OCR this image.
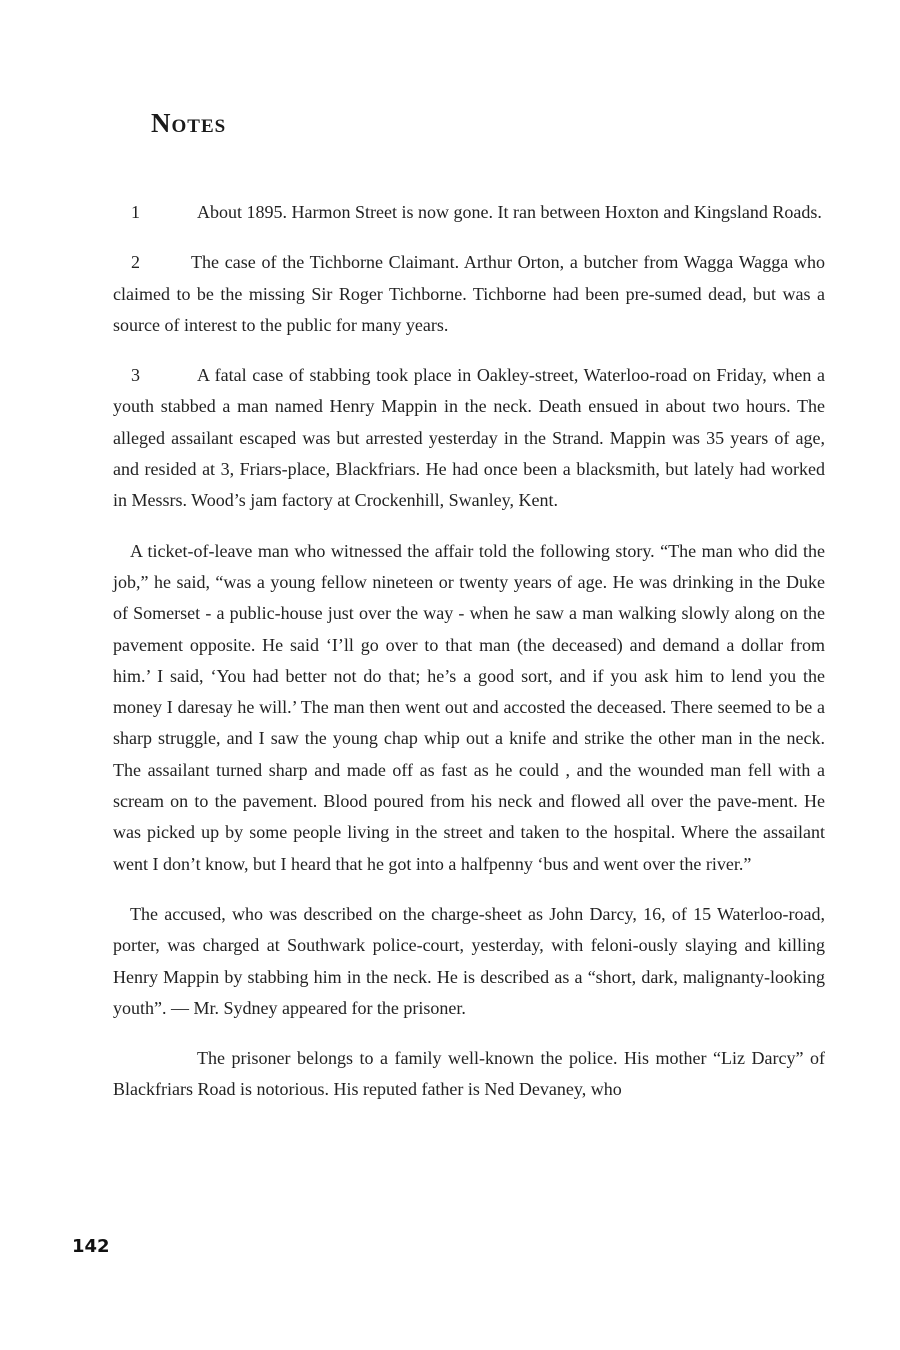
Notes

1	About 1895. Harmon Street is now gone. It ran between Hoxton and Kingsland Roads.

2	The case of the Tichborne Claimant. Arthur Orton, a butcher from Wagga Wagga who claimed to be the missing Sir Roger Tichborne. Tichborne had been pre-sumed dead, but was a source of interest to the public for many years.

3	A fatal case of stabbing took place in Oakley-street, Waterloo-road on Friday, when a youth stabbed a man named Henry Mappin in the neck. Death ensued in about two hours. The alleged assailant escaped was but arrested yesterday in the Strand. Mappin was 35 years of age, and resided at 3, Friars-place, Blackfriars. He had once been a blacksmith, but lately had worked in Messrs. Wood’s jam factory at Crockenhill, Swanley, Kent.

A ticket-of-leave man who witnessed the affair told the following story. “The man who did the job,” he said, “was a young fellow nineteen or twenty years of age. He was drinking in the Duke of Somerset - a public-house just over the way - when he saw a man walking slowly along on the pavement opposite. He said ‘I’ll go over to that man (the deceased) and demand a dollar from him.’ I said, ‘You had better not do that; he’s a good sort, and if you ask him to lend you the money I daresay he will.’ The man then went out and accosted the deceased. There seemed to be a sharp struggle, and I saw the young chap whip out a knife and strike the other man in the neck. The assailant turned sharp and made off as fast as he could , and the wounded man fell with a scream on to the pavement. Blood poured from his neck and flowed all over the pave-ment. He was picked up by some people living in the street and taken to the hospital. Where the assailant went I don’t know, but I heard that he got into a halfpenny ‘bus and went over the river.”

The accused, who was described on the charge-sheet as John Darcy, 16, of 15 Waterloo-road, porter, was charged at Southwark police-court, yesterday, with feloni-ously slaying and killing Henry Mappin by stabbing him in the neck. He is described as a “short, dark, malignanty-looking youth”. — Mr. Sydney appeared for the prisoner.

The prisoner belongs to a family well-known the police. His mother “Liz Darcy” of Blackfriars Road is notorious. His reputed father is Ned Devaney, who

142
